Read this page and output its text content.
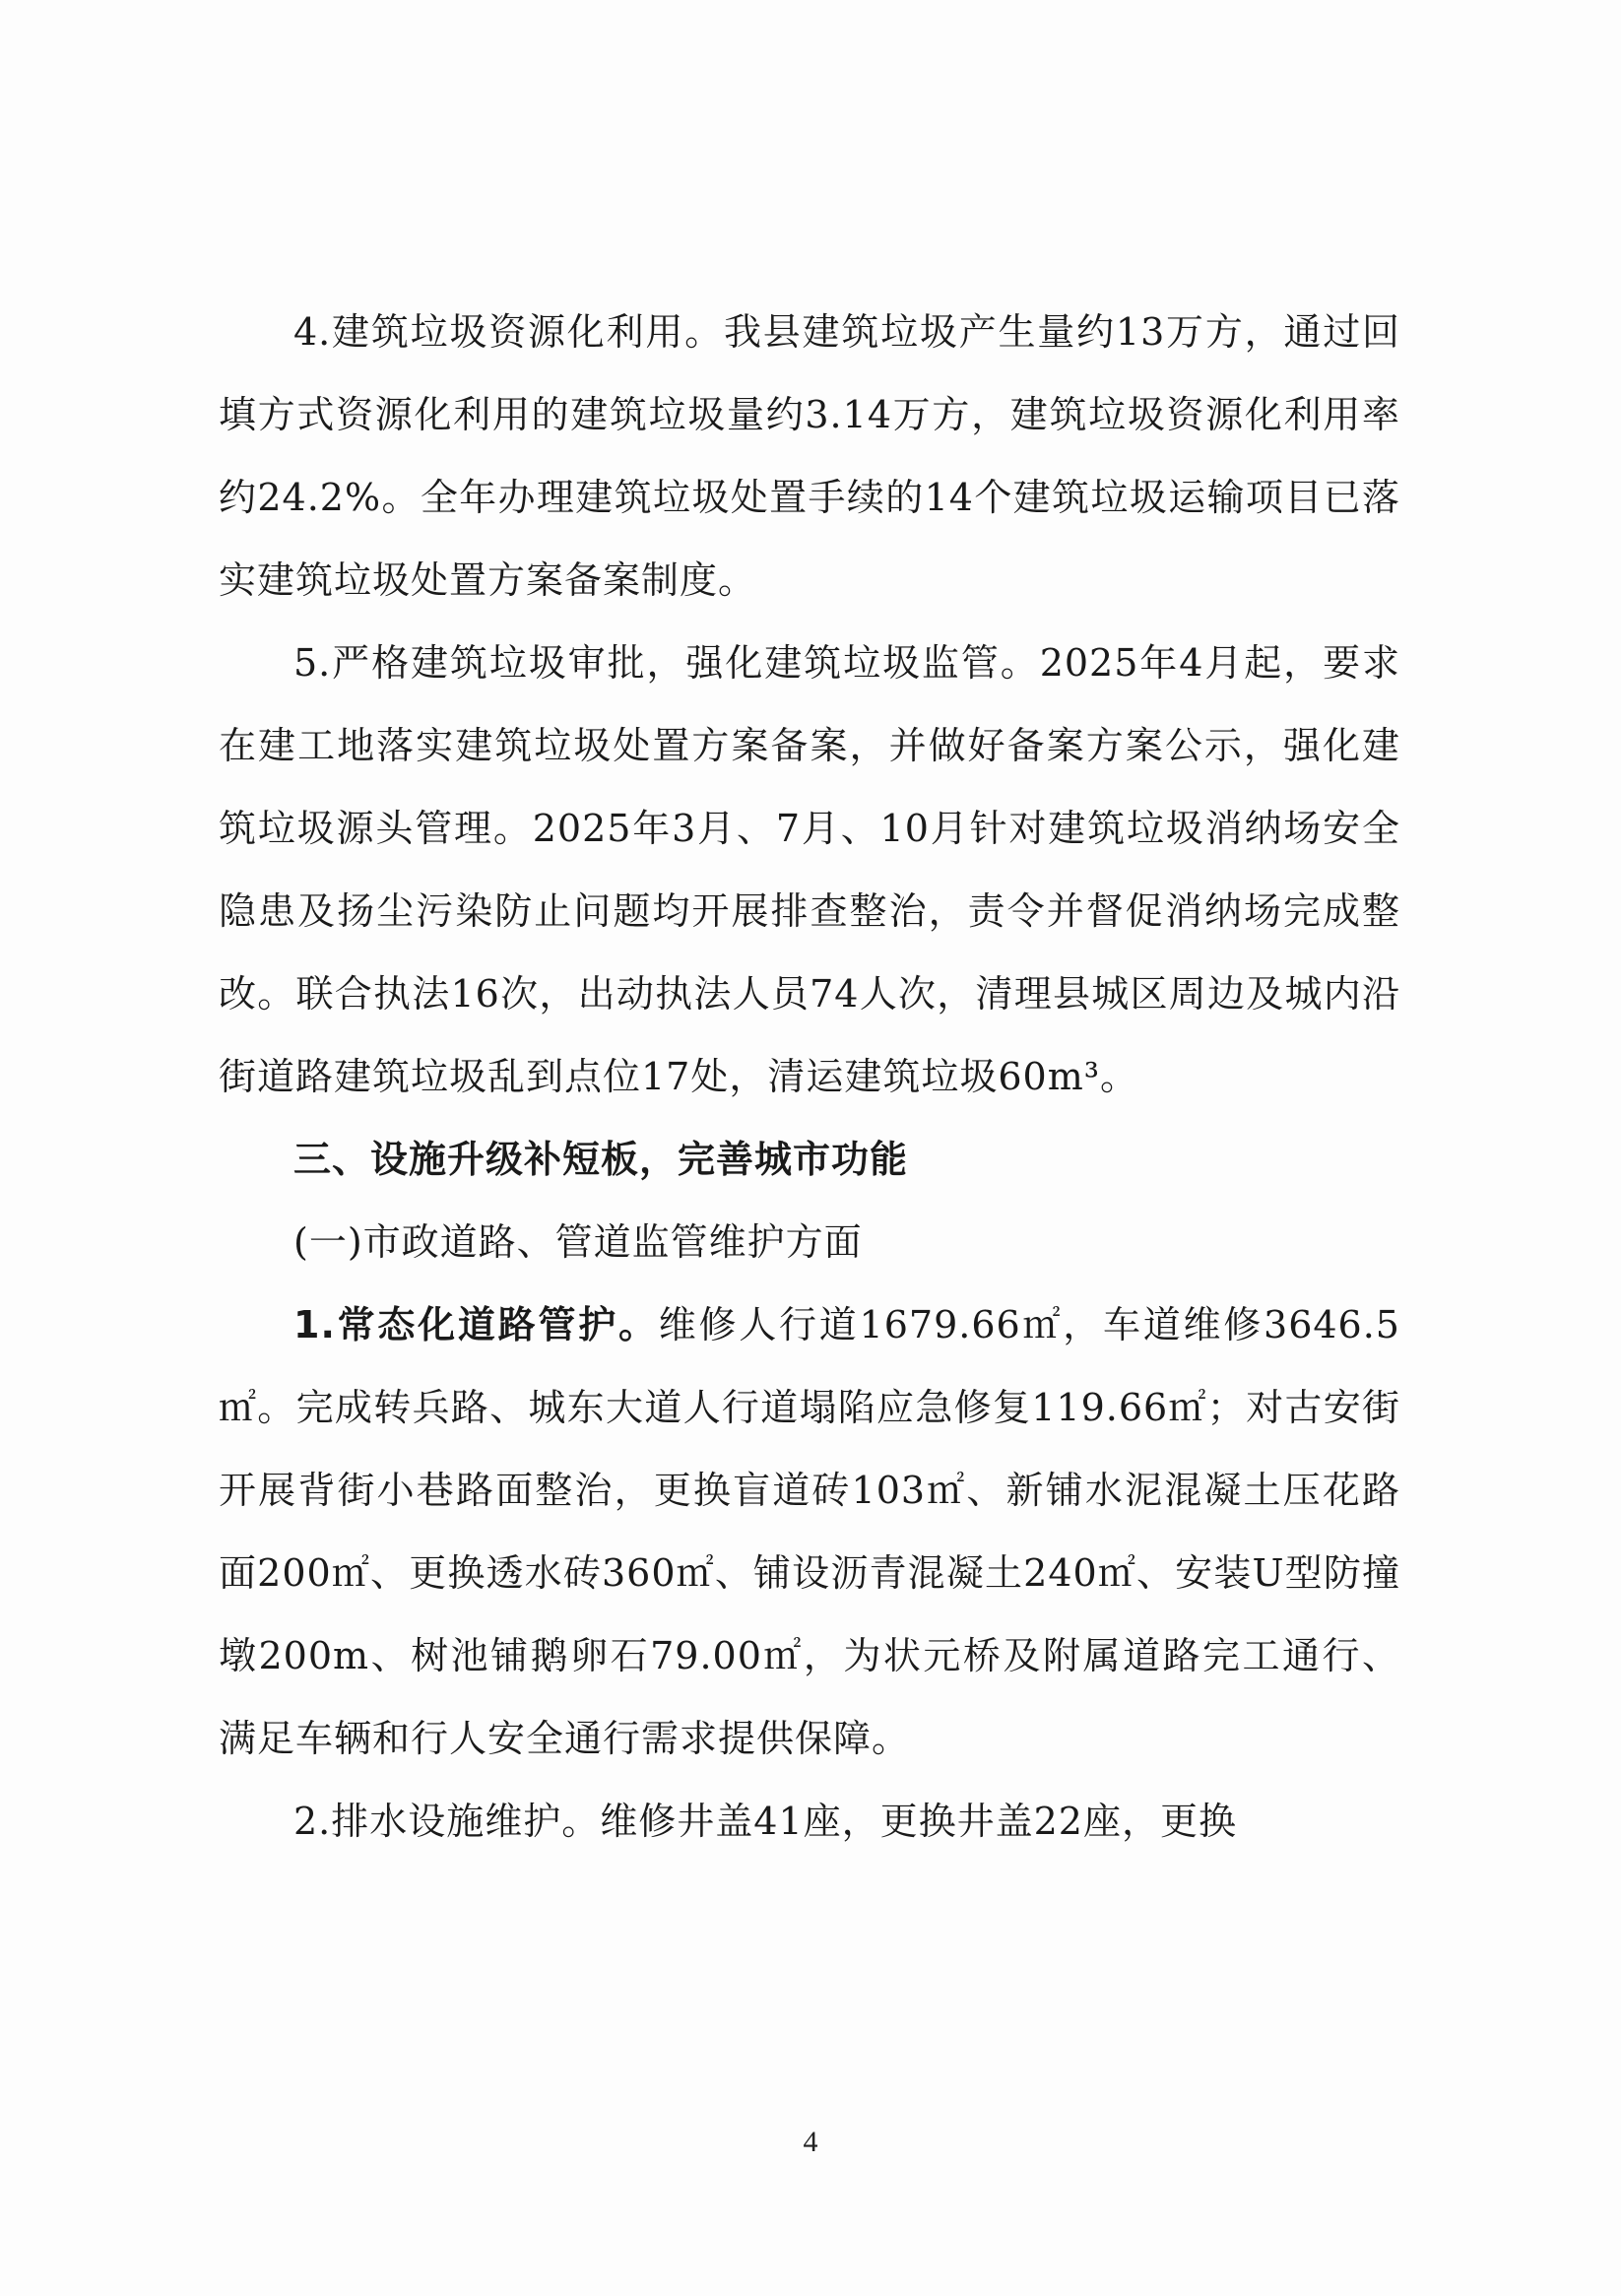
4.建筑垃圾资源化利用。我县建筑垃圾产生量约13万方，通过回填方式资源化利用的建筑垃圾量约3.14万方，建筑垃圾资源化利用率约24.2%。全年办理建筑垃圾处置手续的14个建筑垃圾运输项目已落实建筑垃圾处置方案备案制度。

5.严格建筑垃圾审批，强化建筑垃圾监管。2025年4月起，要求在建工地落实建筑垃圾处置方案备案，并做好备案方案公示，强化建筑垃圾源头管理。2025年3月、7月、10月针对建筑垃圾消纳场安全隐患及扬尘污染防止问题均开展排查整治，责令并督促消纳场完成整改。联合执法16次，出动执法人员74人次，清理县城区周边及城内沿街道路建筑垃圾乱到点位17处，清运建筑垃圾60m³。

三、设施升级补短板，完善城市功能

(一)市政道路、管道监管维护方面

1.常态化道路管护。维修人行道1679.66㎡，车道维修3646.5㎡。完成转兵路、城东大道人行道塌陷应急修复119.66㎡；对古安街开展背街小巷路面整治，更换盲道砖103㎡、新铺水泥混凝土压花路面200㎡、更换透水砖360㎡、铺设沥青混凝土240㎡、安装U型防撞墩200m、树池铺鹅卵石79.00㎡，为状元桥及附属道路完工通行、满足车辆和行人安全通行需求提供保障。

2.排水设施维护。维修井盖41座，更换井盖22座，更换

4
